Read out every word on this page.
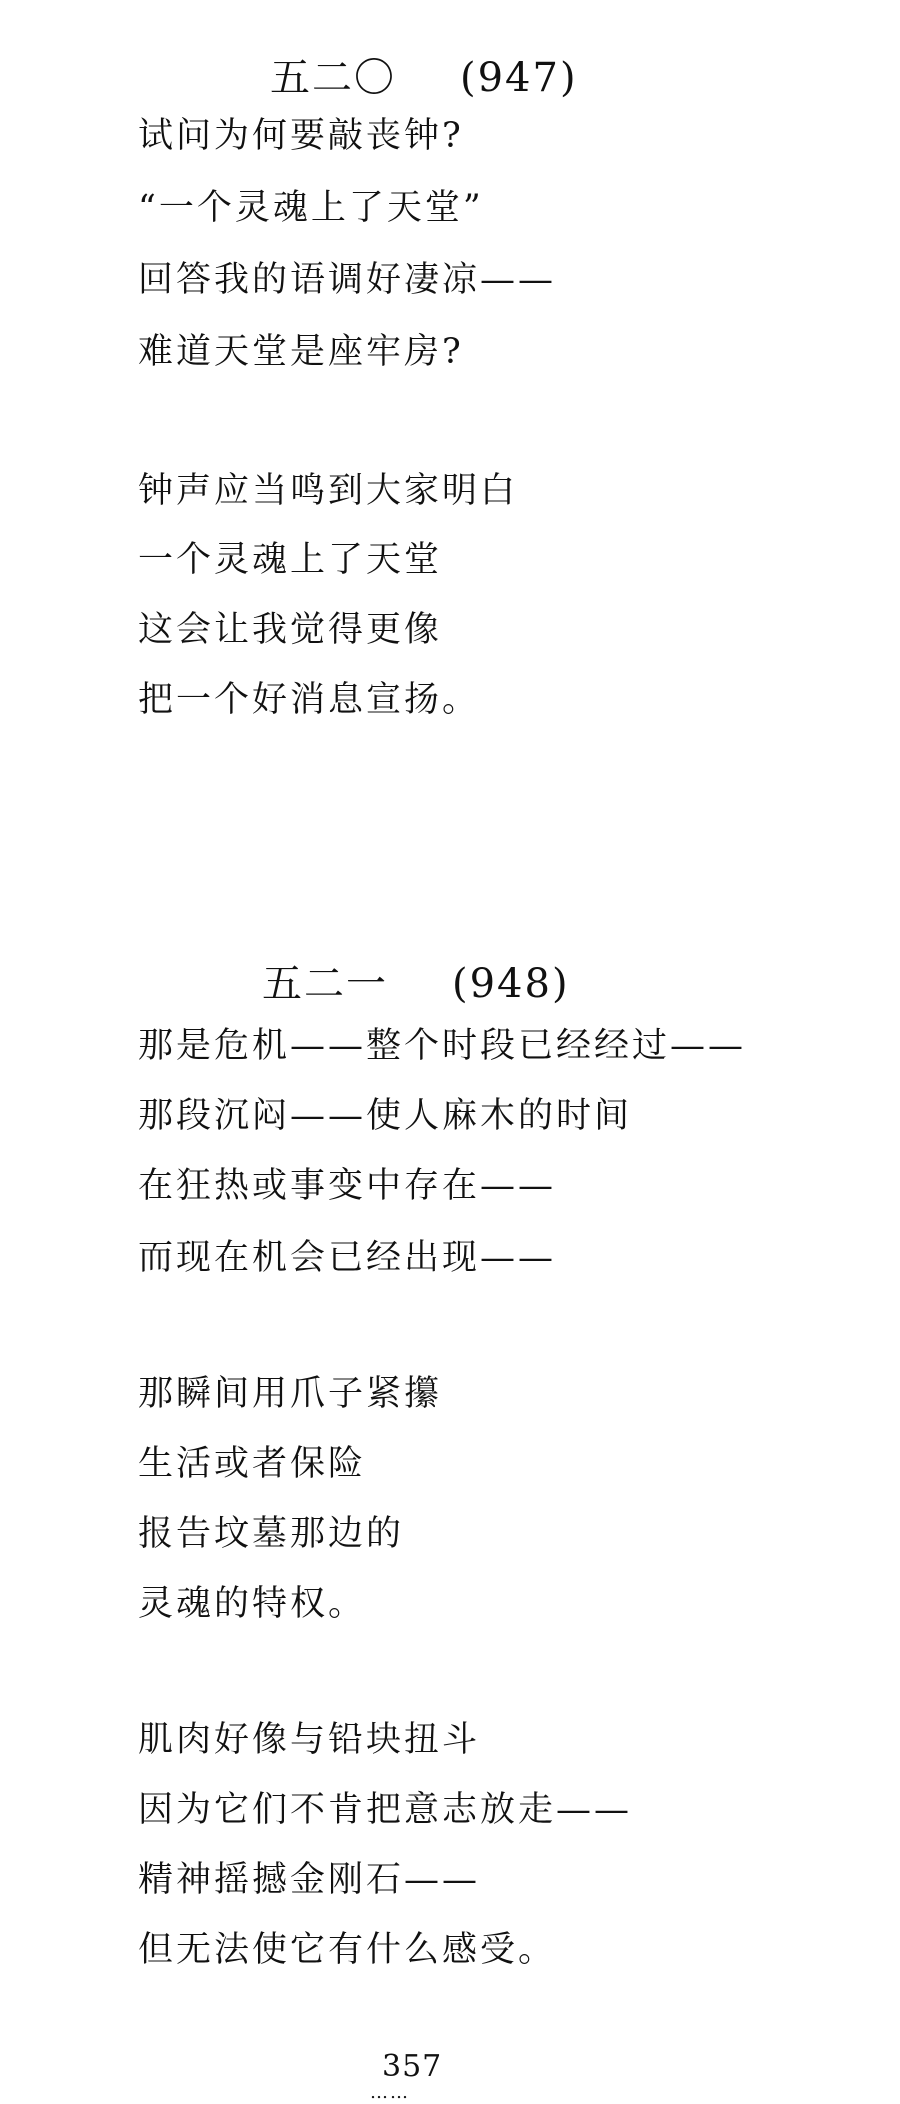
五二〇 (947)
试问为何要敲丧钟?
“一个灵魂上了天堂”
回答我的语调好凄凉——
难道天堂是座牢房?
钟声应当鸣到大家明白
一个灵魂上了天堂
这会让我觉得更像
把一个好消息宣扬。
五二一 (948)
那是危机——整个时段已经经过——
那段沉闷——使人麻木的时间
在狂热或事变中存在——
而现在机会已经出现——
那瞬间用爪子紧攥
生活或者保险
报告坟墓那边的
灵魂的特权。
肌肉好像与铅块扭斗
因为它们不肯把意志放走——
精神摇撼金刚石——
但无法使它有什么感受。
357
……
